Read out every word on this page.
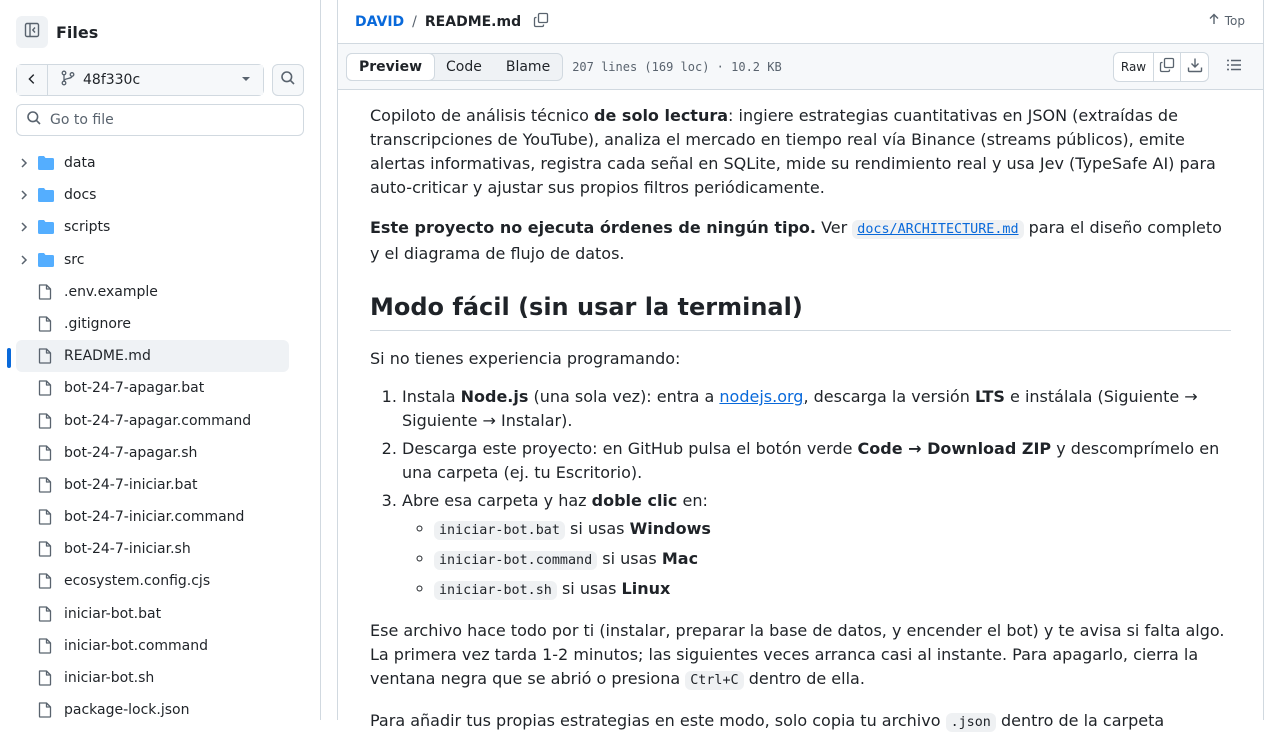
Files
48f330c
Go to file
data
docs
scripts
src
.env.example
.gitignore
README.md
bot-24-7-apagar.bat
bot-24-7-apagar.command
bot-24-7-apagar.sh
bot-24-7-iniciar.bat
bot-24-7-iniciar.command
bot-24-7-iniciar.sh
ecosystem.config.cjs
iniciar-bot.bat
iniciar-bot.command
iniciar-bot.sh
package-lock.json
DAVID / README.md	Top
Preview	Code	Blame	207 lines (169 loc) · 10.2 KB	Raw

Copiloto de análisis técnico de solo lectura: ingiere estrategias cuantitativas en JSON (extraídas de transcripciones de YouTube), analiza el mercado en tiempo real vía Binance (streams públicos), emite alertas informativas, registra cada señal en SQLite, mide su rendimiento real y usa Jev (TypeSafe AI) para auto-criticar y ajustar sus propios filtros periódicamente.

Este proyecto no ejecuta órdenes de ningún tipo. Ver docs/ARCHITECTURE.md para el diseño completo y el diagrama de flujo de datos.

Modo fácil (sin usar la terminal)

Si no tienes experiencia programando:

1. Instala Node.js (una sola vez): entra a nodejs.org, descarga la versión LTS e instálala (Siguiente → Siguiente → Instalar).
2. Descarga este proyecto: en GitHub pulsa el botón verde Code → Download ZIP y descomprímelo en una carpeta (ej. tu Escritorio).
3. Abre esa carpeta y haz doble clic en:
◦ iniciar-bot.bat si usas Windows
◦ iniciar-bot.command si usas Mac
◦ iniciar-bot.sh si usas Linux

Ese archivo hace todo por ti (instalar, preparar la base de datos, y encender el bot) y te avisa si falta algo. La primera vez tarda 1-2 minutos; las siguientes veces arranca casi al instante. Para apagarlo, cierra la ventana negra que se abrió o presiona Ctrl+C dentro de ella.

Para añadir tus propias estrategias en este modo, solo copia tu archivo .json dentro de la carpeta
